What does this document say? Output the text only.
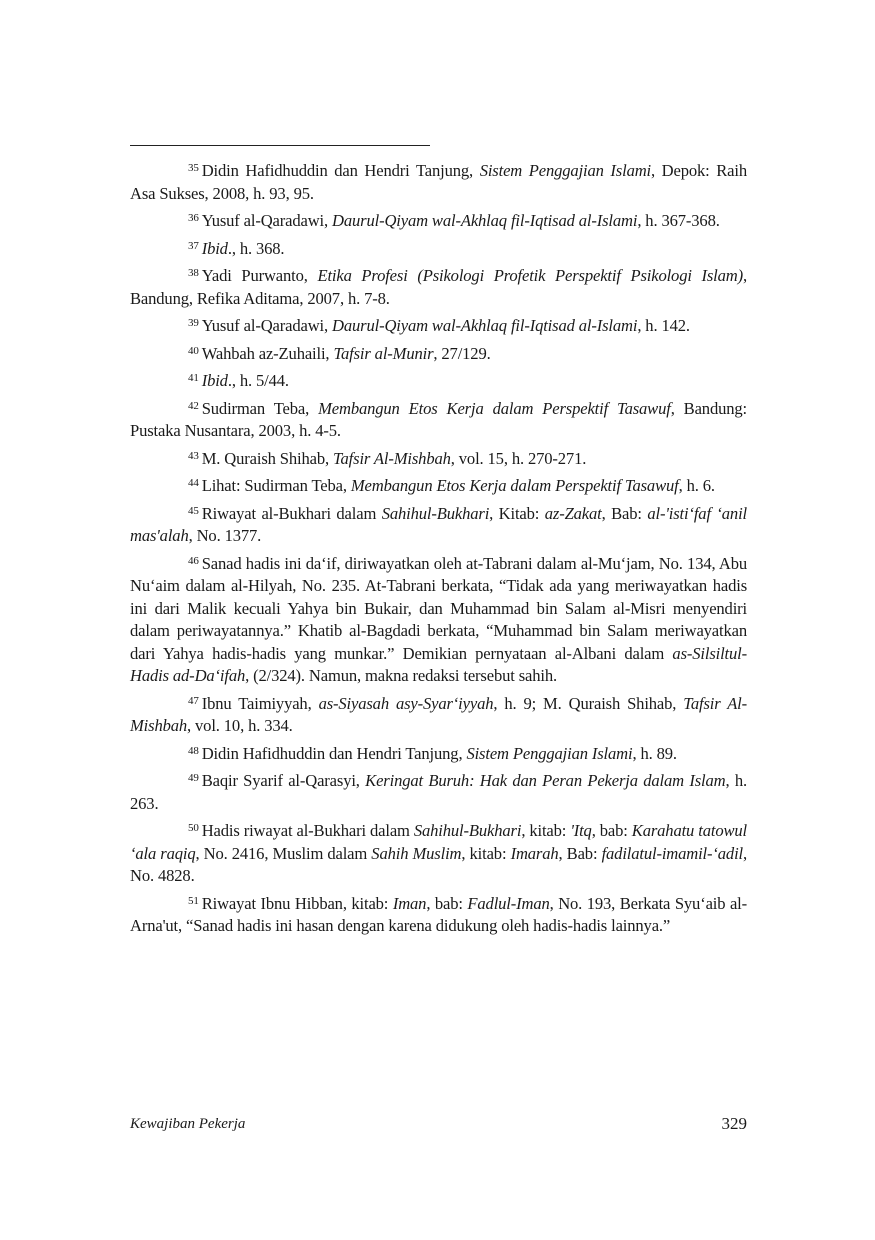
$^{35}$ Didin Hafidhuddin dan Hendri Tanjung, Sistem Penggajian Islami, Depok: Raih Asa Sukses, 2008, h. 93, 95.

$^{36}$ Yusuf al-Qaradawi, Daurul-Qiyam wal-Akhlaq fil-Iqtisad al-Islami, h. 367-368.

$^{37}$ Ibid., h. 368.

$^{38}$ Yadi Purwanto, Etika Profesi (Psikologi Profetik Perspektif Psikologi Islam), Bandung, Refika Aditama, 2007, h. 7-8.

$^{39}$ Yusuf al-Qaradawi, Daurul-Qiyam wal-Akhlaq fil-Iqtisad al-Islami, h. 142.

$^{40}$ Wahbah az-Zuhaili, Tafsir al-Munir, 27/129.

$^{41}$ Ibid., h. 5/44.

$^{42}$ Sudirman Teba, Membangun Etos Kerja dalam Perspektif Tasawuf, Bandung: Pustaka Nusantara, 2003, h. 4-5.

$^{43}$ M. Quraish Shihab, Tafsir Al-Mishbah, vol. 15, h. 270-271.

$^{44}$ Lihat: Sudirman Teba, Membangun Etos Kerja dalam Perspektif Tasawuf, h. 6.

$^{45}$ Riwayat al-Bukhari dalam Sahihul-Bukhari, Kitab: az-Zakat, Bab: al-'isti‘faf ‘anil mas'alah, No. 1377.

$^{46}$ Sanad hadis ini da‘if, diriwayatkan oleh at-Tabrani dalam al-Mu‘jam, No. 134, Abu Nu‘aim dalam al-Hilyah, No. 235. At-Tabrani berkata, “Tidak ada yang meriwayatkan hadis ini dari Malik kecuali Yahya bin Bukair, dan Muhammad bin Salam al-Misri menyendiri dalam periwayatannya.” Khatib al-Bagdadi berkata, “Muhammad bin Salam meriwayatkan dari Yahya hadis-hadis yang munkar.” Demikian pernyataan al-Albani dalam as-Silsiltul-Hadis ad-Da‘ifah, (2/324). Namun, makna redaksi tersebut sahih.

$^{47}$ Ibnu Taimiyyah, as-Siyasah asy-Syar‘iyyah, h. 9; M. Quraish Shihab, Tafsir Al-Mishbah, vol. 10, h. 334.

$^{48}$ Didin Hafidhuddin dan Hendri Tanjung, Sistem Penggajian Islami, h. 89.

$^{49}$ Baqir Syarif al-Qarasyi, Keringat Buruh: Hak dan Peran Pekerja dalam Islam, h. 263.

$^{50}$ Hadis riwayat al-Bukhari dalam Sahihul-Bukhari, kitab: 'Itq, bab: Karahatu tatowul ‘ala raqiq, No. 2416, Muslim dalam Sahih Muslim, kitab: Imarah, Bab: fadilatul-imamil-‘adil, No. 4828.

$^{51}$ Riwayat Ibnu Hibban, kitab: Iman, bab: Fadlul-Iman, No. 193, Berkata Syu‘aib al-Arna'ut, “Sanad hadis ini hasan dengan karena didukung oleh hadis-hadis lainnya.”

Kewajiban Pekerja	329
